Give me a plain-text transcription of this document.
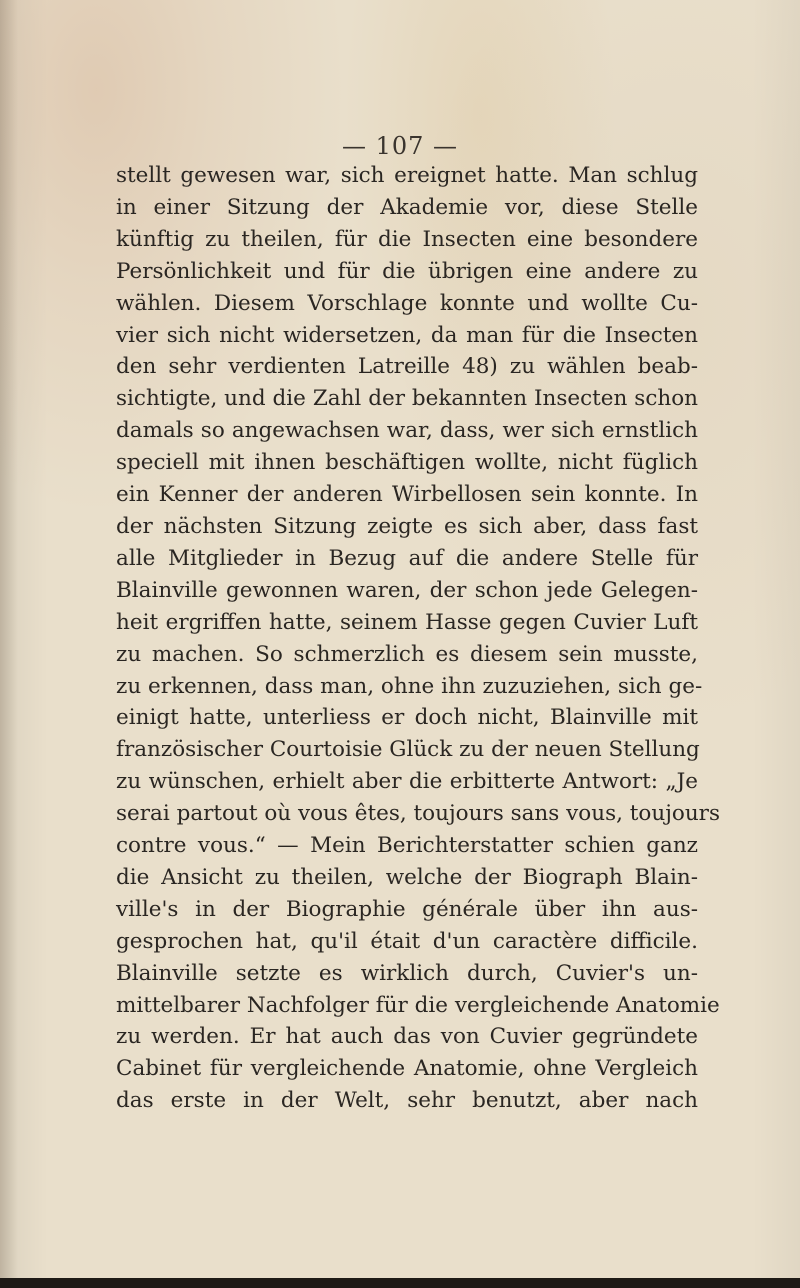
— 107 —
stellt gewesen war, sich ereignet hatte. Man schlug
in einer Sitzung der Akademie vor, diese Stelle
künftig zu theilen, für die Insecten eine besondere
Persönlichkeit und für die übrigen eine andere zu
wählen. Diesem Vorschlage konnte und wollte Cu-
vier sich nicht widersetzen, da man für die Insecten
den sehr verdienten Latreille 48) zu wählen beab-
sichtigte, und die Zahl der bekannten Insecten schon
damals so angewachsen war, dass, wer sich ernstlich
speciell mit ihnen beschäftigen wollte, nicht füglich
ein Kenner der anderen Wirbellosen sein konnte. In
der nächsten Sitzung zeigte es sich aber, dass fast
alle Mitglieder in Bezug auf die andere Stelle für
Blainville gewonnen waren, der schon jede Gelegen-
heit ergriffen hatte, seinem Hasse gegen Cuvier Luft
zu machen. So schmerzlich es diesem sein musste,
zu erkennen, dass man, ohne ihn zuzuziehen, sich ge-
einigt hatte, unterliess er doch nicht, Blainville mit
französischer Courtoisie Glück zu der neuen Stellung
zu wünschen, erhielt aber die erbitterte Antwort: „Je
serai partout où vous êtes, toujours sans vous, toujours
contre vous.“ — Mein Berichterstatter schien ganz
die Ansicht zu theilen, welche der Biograph Blain-
ville's in der Biographie générale über ihn aus-
gesprochen hat, qu'il était d'un caractère difficile.
Blainville setzte es wirklich durch, Cuvier's un-
mittelbarer Nachfolger für die vergleichende Anatomie
zu werden. Er hat auch das von Cuvier gegründete
Cabinet für vergleichende Anatomie, ohne Vergleich
das erste in der Welt, sehr benutzt, aber nach
